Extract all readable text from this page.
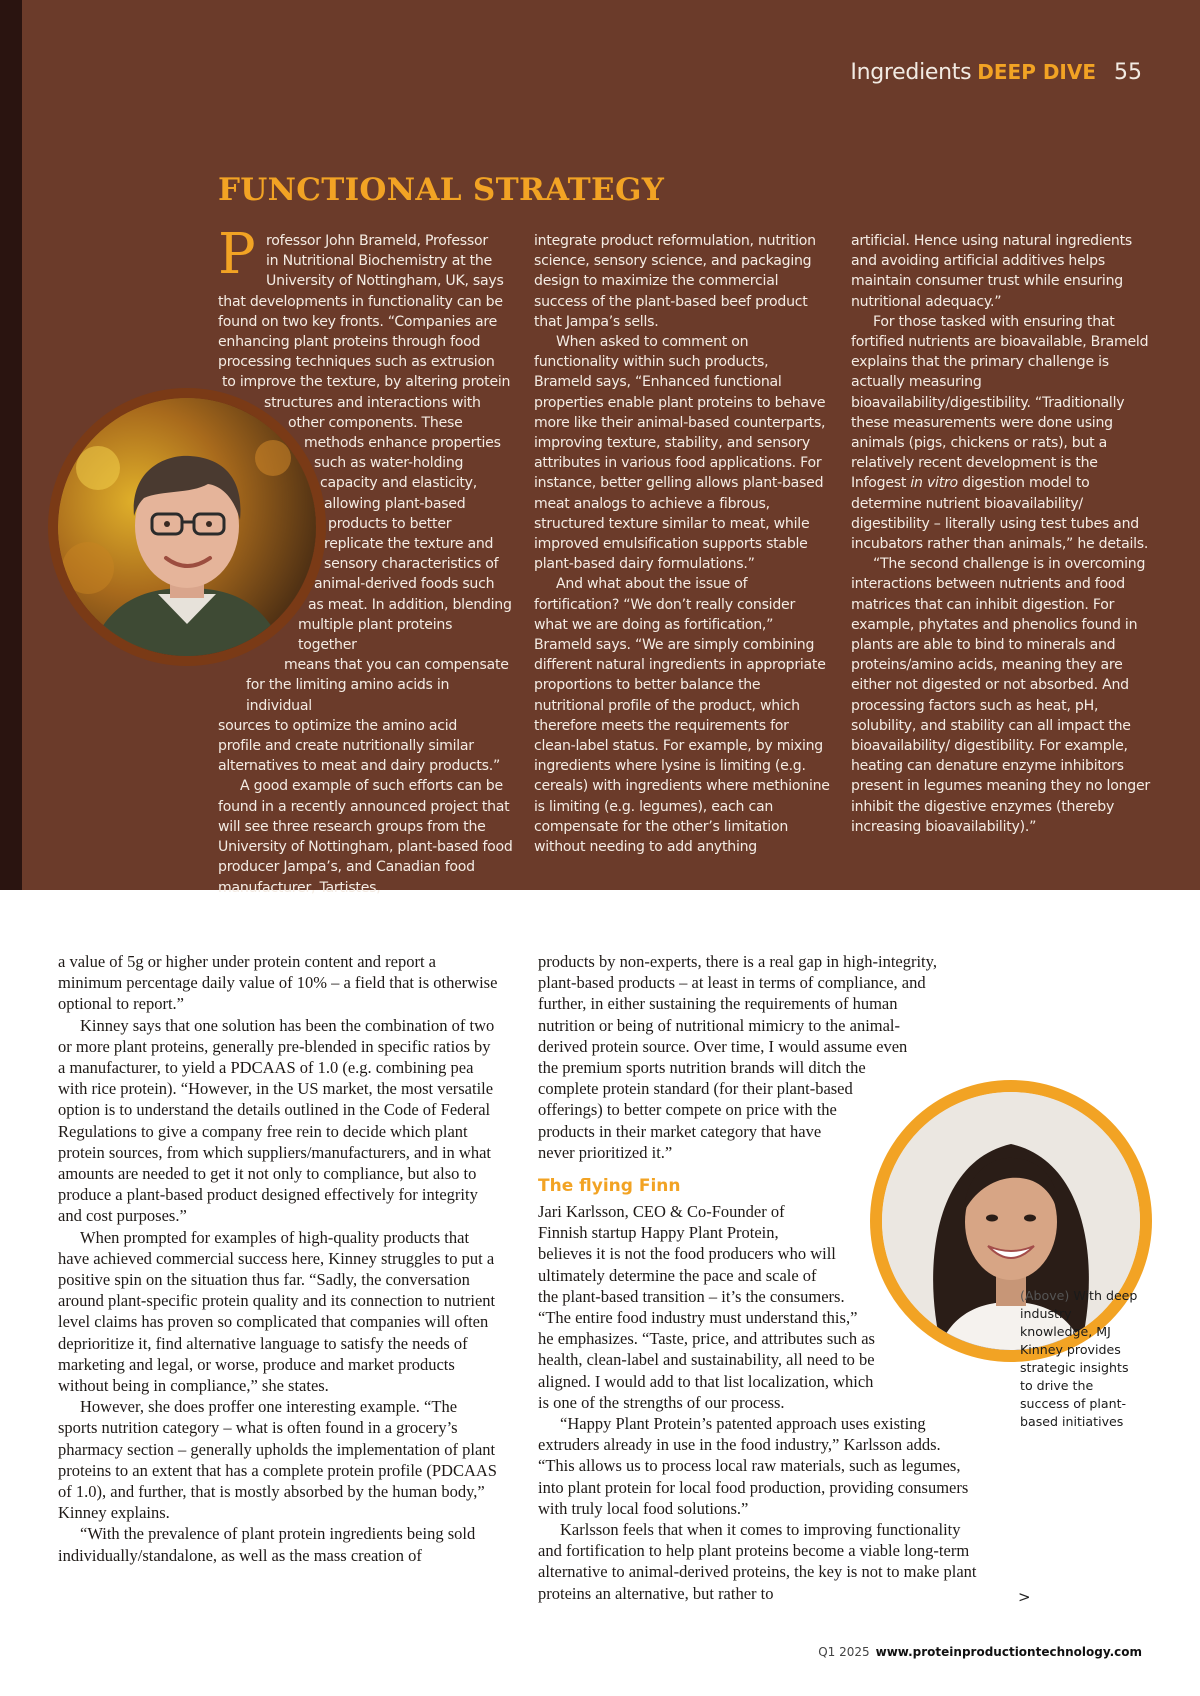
Ingredients DEEP DIVE 55
FUNCTIONAL STRATEGY

P rofessor John Brameld, Professor
in Nutritional Biochemistry at the
University of Nottingham, UK, says
that developments in functionality can be
found on two key fronts. “Companies are
enhancing plant proteins through food
processing techniques such as extrusion
to improve the texture, by altering protein
structures and interactions with
other components. These
methods enhance properties
such as water-holding
capacity and elasticity,
allowing plant-based
products to better
replicate the texture and
sensory characteristics of
animal-derived foods such
as meat. In addition, blending
multiple plant proteins together
means that you can compensate
for the limiting amino acids in individual
sources to optimize the amino acid
profile and create nutritionally similar
alternatives to meat and dairy products.”

A good example of such efforts can be found in a recently announced project that will see three research groups from the University of Nottingham, plant-based food producer Jampa’s, and Canadian food manufacturer, Tartistes,

integrate product reformulation, nutrition science, sensory science, and packaging design to maximize the commercial success of the plant-based beef product that Jampa’s sells.

When asked to comment on functionality within such products, Brameld says, “Enhanced functional properties enable plant proteins to behave more like their animal-based counterparts, improving texture, stability, and sensory attributes in various food applications. For instance, better gelling allows plant-based meat analogs to achieve a fibrous, structured texture similar to meat, while improved emulsification supports stable plant-based dairy formulations.”

And what about the issue of fortification? “We don’t really consider what we are doing as fortification,” Brameld says. “We are simply combining different natural ingredients in appropriate proportions to better balance the nutritional profile of the product, which therefore meets the requirements for clean-label status. For example, by mixing ingredients where lysine is limiting (e.g. cereals) with ingredients where methionine is limiting (e.g. legumes), each can compensate for the other’s limitation without needing to add anything

artificial. Hence using natural ingredients and avoiding artificial additives helps maintain consumer trust while ensuring nutritional adequacy.”

For those tasked with ensuring that fortified nutrients are bioavailable, Brameld explains that the primary challenge is actually measuring bioavailability/digestibility. “Traditionally these measurements were done using animals (pigs, chickens or rats), but a relatively recent development is the Infogest in vitro digestion model to determine nutrient bioavailability/ digestibility – literally using test tubes and incubators rather than animals,” he details.

“The second challenge is in overcoming interactions between nutrients and food matrices that can inhibit digestion. For example, phytates and phenolics found in plants are able to bind to minerals and proteins/amino acids, meaning they are either not digested or not absorbed. And processing factors such as heat, pH, solubility, and stability can all impact the bioavailability/ digestibility. For example, heating can denature enzyme inhibitors present in legumes meaning they no longer inhibit the digestive enzymes (thereby increasing bioavailability).”

a value of 5g or higher under protein content and report a minimum percentage daily value of 10% – a field that is otherwise optional to report.”

Kinney says that one solution has been the combination of two or more plant proteins, generally pre-blended in specific ratios by a manufacturer, to yield a PDCAAS of 1.0 (e.g. combining pea with rice protein). “However, in the US market, the most versatile option is to understand the details outlined in the Code of Federal Regulations to give a company free rein to decide which plant protein sources, from which suppliers/manufacturers, and in what amounts are needed to get it not only to compliance, but also to produce a plant-based product designed effectively for integrity and cost purposes.”

When prompted for examples of high-quality products that have achieved commercial success here, Kinney struggles to put a positive spin on the situation thus far. “Sadly, the conversation around plant-specific protein quality and its connection to nutrient level claims has proven so complicated that companies will often deprioritize it, find alternative language to satisfy the needs of marketing and legal, or worse, produce and market products without being in compliance,” she states.

However, she does proffer one interesting example. “The sports nutrition category – what is often found in a grocery’s pharmacy section – generally upholds the implementation of plant proteins to an extent that has a complete protein profile (PDCAAS of 1.0), and further, that is mostly absorbed by the human body,” Kinney explains.

“With the prevalence of plant protein ingredients being sold individually/standalone, as well as the mass creation of

products by non-experts, there is a real gap in high-integrity,
plant-based products – at least in terms of compliance, and
further, in either sustaining the requirements of human
nutrition or being of nutritional mimicry to the animal-
derived protein source. Over time, I would assume even
the premium sports nutrition brands will ditch the
complete protein standard (for their plant-based
offerings) to better compete on price with the
products in their market category that have
never prioritized it.”

The flying Finn

Jari Karlsson, CEO & Co-Founder of
Finnish startup Happy Plant Protein,
believes it is not the food producers who will
ultimately determine the pace and scale of
the plant-based transition – it’s the consumers.
“The entire food industry must understand this,”
he emphasizes. “Taste, price, and attributes such as
health, clean-label and sustainability, all need to be
aligned. I would add to that list localization, which
is one of the strengths of our process.

“Happy Plant Protein’s patented approach uses existing extruders already in use in the food industry,” Karlsson adds. “This allows us to process local raw materials, such as legumes, into plant protein for local food production, providing consumers with truly local food solutions.”

Karlsson feels that when it comes to improving functionality and fortification to help plant proteins become a viable long-term alternative to animal-derived proteins, the key is not to make plant proteins an alternative, but rather to

(Above) With deep industry knowledge, MJ Kinney provides strategic insights to drive the success of plant-based initiatives
>
Q1 2025 www.proteinproductiontechnology.com
